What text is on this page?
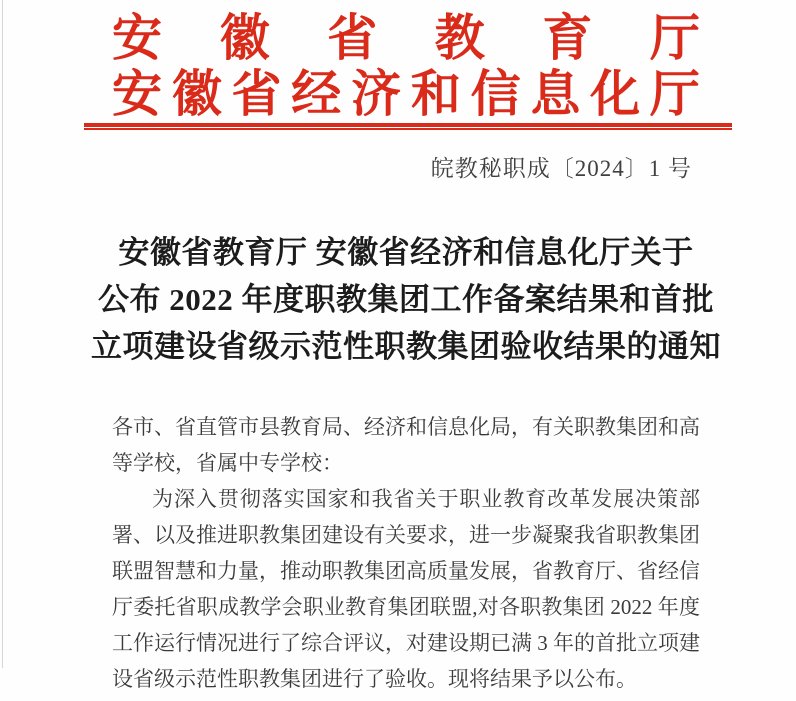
安 徽 省 教 育 厅
安 徽 省 经 济 和 信 息 化 厅
皖教秘职成〔2024〕1 号
安徽省教育厅 安徽省经济和信息化厅关于
公布 2022 年度职教集团工作备案结果和首批
立项建设省级示范性职教集团验收结果的通知
各市、省直管市县教育局、经济和信息化局，有关职教集团和高
等学校，省属中专学校：
为深入贯彻落实国家和我省关于职业教育改革发展决策部
署、以及推进职教集团建设有关要求，进一步凝聚我省职教集团
联盟智慧和力量，推动职教集团高质量发展，省教育厅、省经信
厅委托省职成教学会职业教育集团联盟,对各职教集团 2022 年度
工作运行情况进行了综合评议，对建设期已满 3 年的首批立项建
设省级示范性职教集团进行了验收。现将结果予以公布。
